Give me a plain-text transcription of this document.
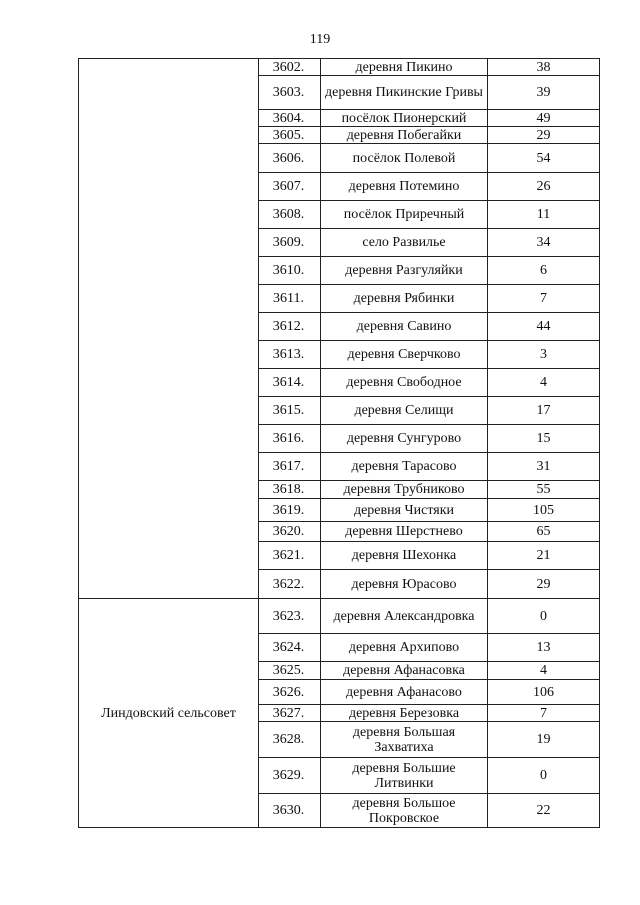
119
	3602.	деревня Пикино	38
	3603.	деревня Пикинские Гривы	39
	3604.	посёлок Пионерский	49
	3605.	деревня Побегайки	29
	3606.	посёлок Полевой	54
	3607.	деревня Потемино	26
	3608.	посёлок Приречный	11
	3609.	село Развилье	34
	3610.	деревня Разгуляйки	6
	3611.	деревня Рябинки	7
	3612.	деревня Савино	44
	3613.	деревня Сверчково	3
	3614.	деревня Свободное	4
	3615.	деревня Селищи	17
	3616.	деревня Сунгурово	15
	3617.	деревня Тарасово	31
	3618.	деревня Трубниково	55
	3619.	деревня Чистяки	105
	3620.	деревня Шерстнево	65
	3621.	деревня Шехонка	21
	3622.	деревня Юрасово	29
Линдовский сельсовет	3623.	деревня Александровка	0
	3624.	деревня Архипово	13
	3625.	деревня Афанасовка	4
	3626.	деревня Афанасово	106
	3627.	деревня Березовка	7
	3628.	деревня Большая Захватиха	19
	3629.	деревня Большие Литвинки	0
	3630.	деревня Большое Покровское	22
